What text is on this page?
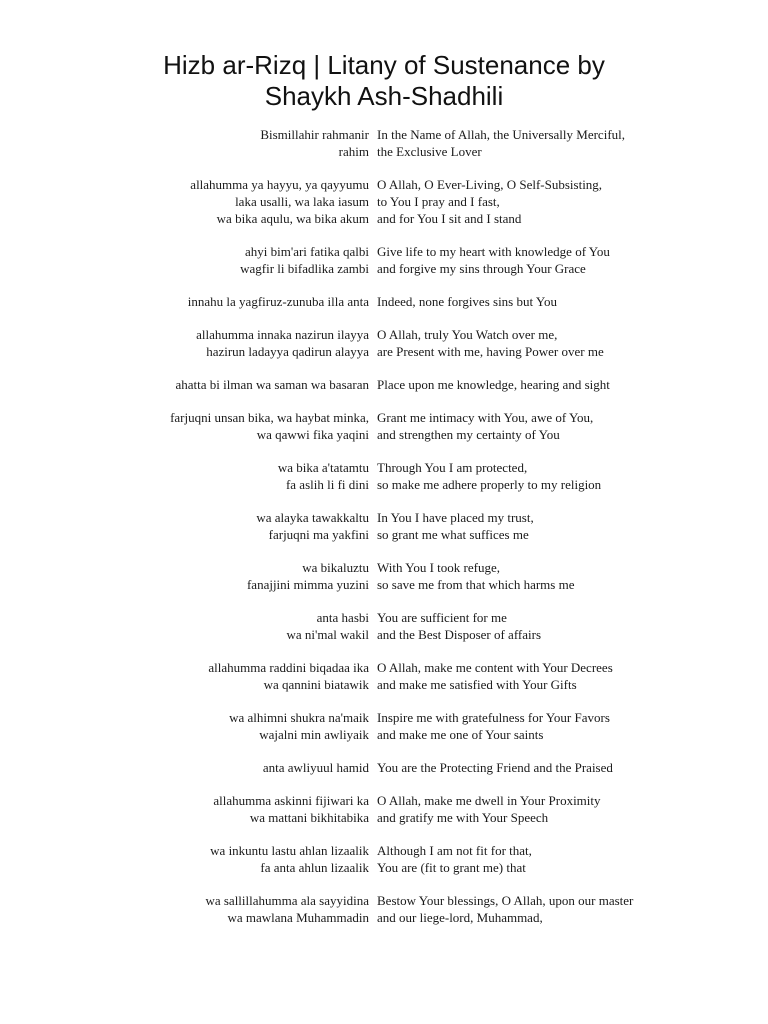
Hizb ar-Rizq | Litany of Sustenance by
Shaykh Ash-Shadhili
Bismillahir rahmanir
rahim
In the Name of Allah, the Universally Merciful,
the Exclusive Lover
allahumma ya hayyu, ya qayyumu
laka usalli, wa laka iasum
wa bika aqulu, wa bika akum
O Allah, O Ever-Living, O Self-Subsisting,
to You I pray and I fast,
and for You I sit and I stand
ahyi bim'ari fatika qalbi
wagfir li bifadlika zambi
Give life to my heart with knowledge of You
and forgive my sins through Your Grace
innahu la yagfiruz-zunuba illa anta Indeed, none forgives sins but You
allahumma innaka nazirun ilayya
hazirun ladayya qadirun alayya
O Allah, truly You Watch over me,
are Present with me, having Power over me
ahatta bi ilman wa saman wa basaran Place upon me knowledge, hearing and sight
farjuqni unsan bika, wa haybat minka,
wa qawwi fika yaqini
Grant me intimacy with You, awe of You,
and strengthen my certainty of You
wa bika a'tatamtu
fa aslih li fi dini
Through You I am protected,
so make me adhere properly to my religion
wa alayka tawakkaltu
farjuqni ma yakfini
In You I have placed my trust,
so grant me what suffices me
wa bikaluztu
fanajjini mimma yuzini
With You I took refuge,
so save me from that which harms me
anta hasbi
wa ni'mal wakil
You are sufficient for me
and the Best Disposer of affairs
allahumma raddini biqadaa ika
wa qannini biatawik
O Allah, make me content with Your Decrees
and make me satisfied with Your Gifts
wa alhimni shukra na'maik
wajalni min awliyaik
Inspire me with gratefulness for Your Favors
and make me one of Your saints
anta awliyuul hamid You are the Protecting Friend and the Praised
allahumma askinni fijiwari ka
wa mattani bikhitabika
O Allah, make me dwell in Your Proximity
and gratify me with Your Speech
wa inkuntu lastu ahlan lizaalik
fa anta ahlun lizaalik
Although I am not fit for that,
You are (fit to grant me) that
wa sallillahumma ala sayyidina
wa mawlana Muhammadin
Bestow Your blessings, O Allah, upon our master
and our liege-lord, Muhammad,
